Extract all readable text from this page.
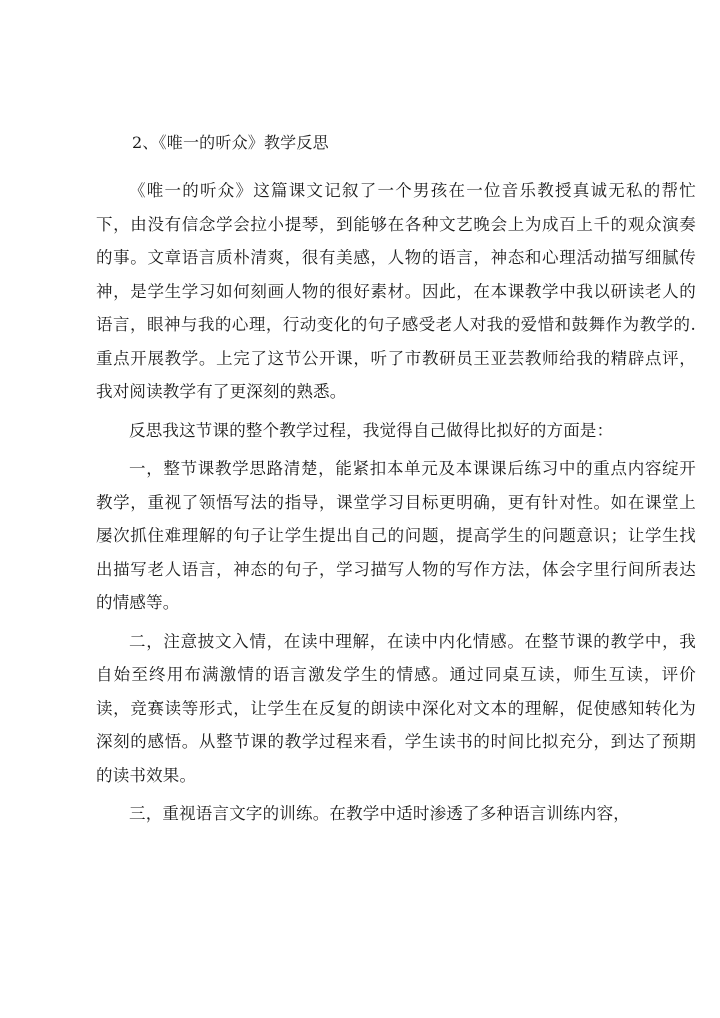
2、《唯一的听众》教学反思

《唯一的听众》这篇课文记叙了一个男孩在一位音乐教授真诚无私的帮忙下，由没有信念学会拉小提琴，到能够在各种文艺晚会上为成百上千的观众演奏的事。文章语言质朴清爽，很有美感，人物的语言，神态和心理活动描写细腻传神，是学生学习如何刻画人物的很好素材。因此，在本课教学中我以研读老人的语言，眼神与我的心理，行动变化的句子感受老人对我的爱惜和鼓舞作为教学的.重点开展教学。上完了这节公开课，听了市教研员王亚芸教师给我的精辟点评，我对阅读教学有了更深刻的熟悉。

反思我这节课的整个教学过程，我觉得自己做得比拟好的方面是：

一，整节课教学思路清楚，能紧扣本单元及本课课后练习中的重点内容绽开教学，重视了领悟写法的指导，课堂学习目标更明确，更有针对性。如在课堂上屡次抓住难理解的句子让学生提出自己的问题，提高学生的问题意识；让学生找出描写老人语言，神态的句子，学习描写人物的写作方法，体会字里行间所表达的情感等。

二，注意披文入情，在读中理解，在读中内化情感。在整节课的教学中，我自始至终用布满激情的语言激发学生的情感。通过同桌互读，师生互读，评价读，竞赛读等形式，让学生在反复的朗读中深化对文本的理解，促使感知转化为深刻的感悟。从整节课的教学过程来看，学生读书的时间比拟充分，到达了预期的读书效果。

三，重视语言文字的训练。在教学中适时渗透了多种语言训练内容，
